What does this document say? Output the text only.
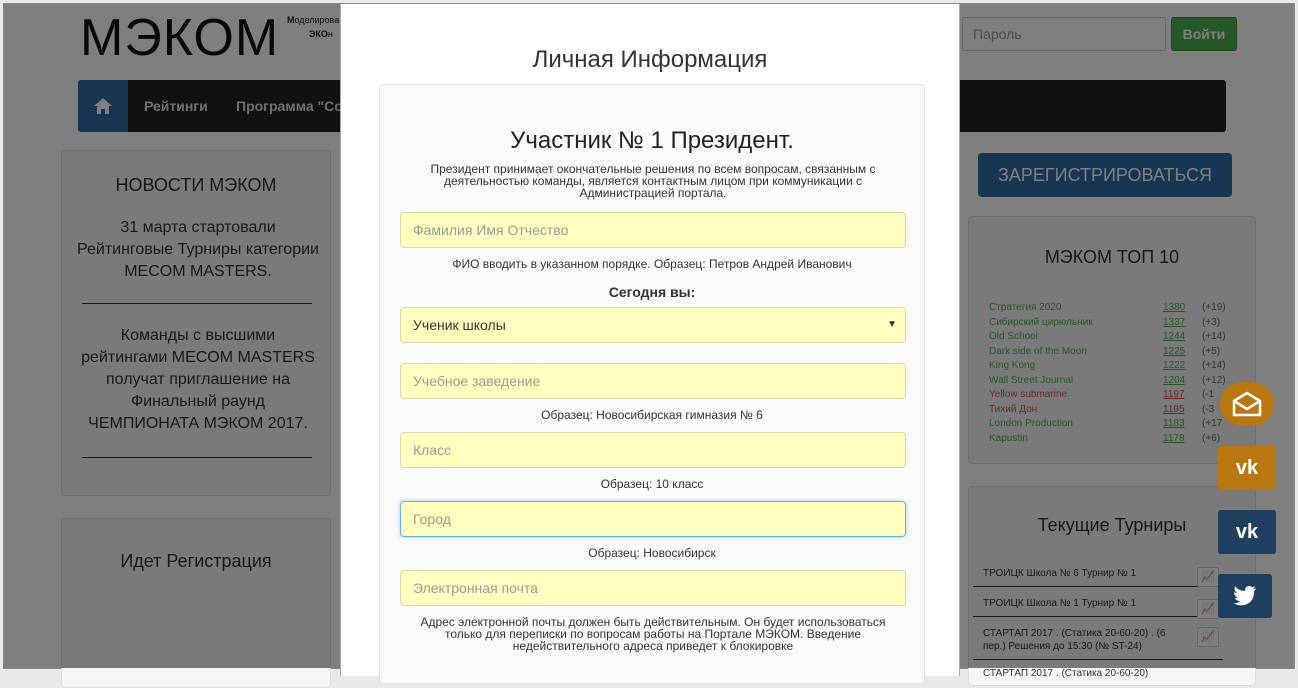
СТАРТАП 2017 . (Статика 20-60-20)
vk
vk
Личная Информация
Участник № 1 Президент.
Президент принимает окончательные решения по всем вопросам, связанным с деятельностью команды, является контактным лицом при коммуникации с Администрацией портала.
Фамилия Имя Отчество
ФИО вводить в указанном порядке. Образец: Петров Андрей Иванович
Сегодня вы:
Ученик школы	▼
Учебное заведение
Образец: Новосибирская гимназия № 6
Класс
Образец: 10 класс
Город
Образец: Новосибирск
Электронная почта
Адрес электронной почты должен быть действительным. Он будет использоваться только для переписки по вопросам работы на Портале МЭКОМ. Введение недействительного адреса приведет к блокировке
